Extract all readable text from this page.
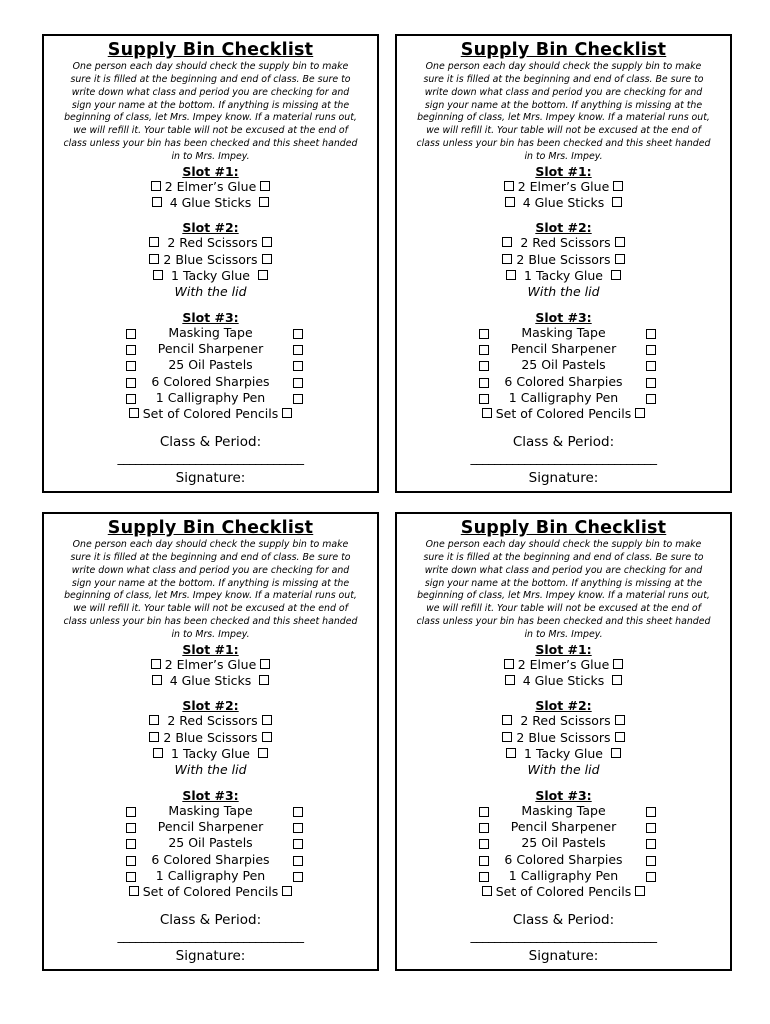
Supply Bin Checklist
One person each day should check the supply bin to make
sure it is filled at the beginning and end of class. Be sure to
write down what class and period you are checking for and
sign your name at the bottom. If anything is missing at the
beginning of class, let Mrs. Impey know. If a material runs out,
we will refill it. Your table will not be excused at the end of
class unless your bin has been checked and this sheet handed
in to Mrs. Impey.
Slot #1:
2 Elmer’s Glue
4 Glue Sticks
Slot #2:
2 Red Scissors
2 Blue Scissors
1 Tacky Glue
With the lid
Slot #3:
Masking Tape
Pencil Sharpener
25 Oil Pastels
6 Colored Sharpies
1 Calligraphy Pen
Set of Colored Pencils
Class & Period:
_______________________________
Signature:
Supply Bin Checklist
One person each day should check the supply bin to make
sure it is filled at the beginning and end of class. Be sure to
write down what class and period you are checking for and
sign your name at the bottom. If anything is missing at the
beginning of class, let Mrs. Impey know. If a material runs out,
we will refill it. Your table will not be excused at the end of
class unless your bin has been checked and this sheet handed
in to Mrs. Impey.
Slot #1:
2 Elmer’s Glue
4 Glue Sticks
Slot #2:
2 Red Scissors
2 Blue Scissors
1 Tacky Glue
With the lid
Slot #3:
Masking Tape
Pencil Sharpener
25 Oil Pastels
6 Colored Sharpies
1 Calligraphy Pen
Set of Colored Pencils
Class & Period:
_______________________________
Signature:
Supply Bin Checklist
One person each day should check the supply bin to make
sure it is filled at the beginning and end of class. Be sure to
write down what class and period you are checking for and
sign your name at the bottom. If anything is missing at the
beginning of class, let Mrs. Impey know. If a material runs out,
we will refill it. Your table will not be excused at the end of
class unless your bin has been checked and this sheet handed
in to Mrs. Impey.
Slot #1:
2 Elmer’s Glue
4 Glue Sticks
Slot #2:
2 Red Scissors
2 Blue Scissors
1 Tacky Glue
With the lid
Slot #3:
Masking Tape
Pencil Sharpener
25 Oil Pastels
6 Colored Sharpies
1 Calligraphy Pen
Set of Colored Pencils
Class & Period:
_______________________________
Signature:
Supply Bin Checklist
One person each day should check the supply bin to make
sure it is filled at the beginning and end of class. Be sure to
write down what class and period you are checking for and
sign your name at the bottom. If anything is missing at the
beginning of class, let Mrs. Impey know. If a material runs out,
we will refill it. Your table will not be excused at the end of
class unless your bin has been checked and this sheet handed
in to Mrs. Impey.
Slot #1:
2 Elmer’s Glue
4 Glue Sticks
Slot #2:
2 Red Scissors
2 Blue Scissors
1 Tacky Glue
With the lid
Slot #3:
Masking Tape
Pencil Sharpener
25 Oil Pastels
6 Colored Sharpies
1 Calligraphy Pen
Set of Colored Pencils
Class & Period:
_______________________________
Signature:
